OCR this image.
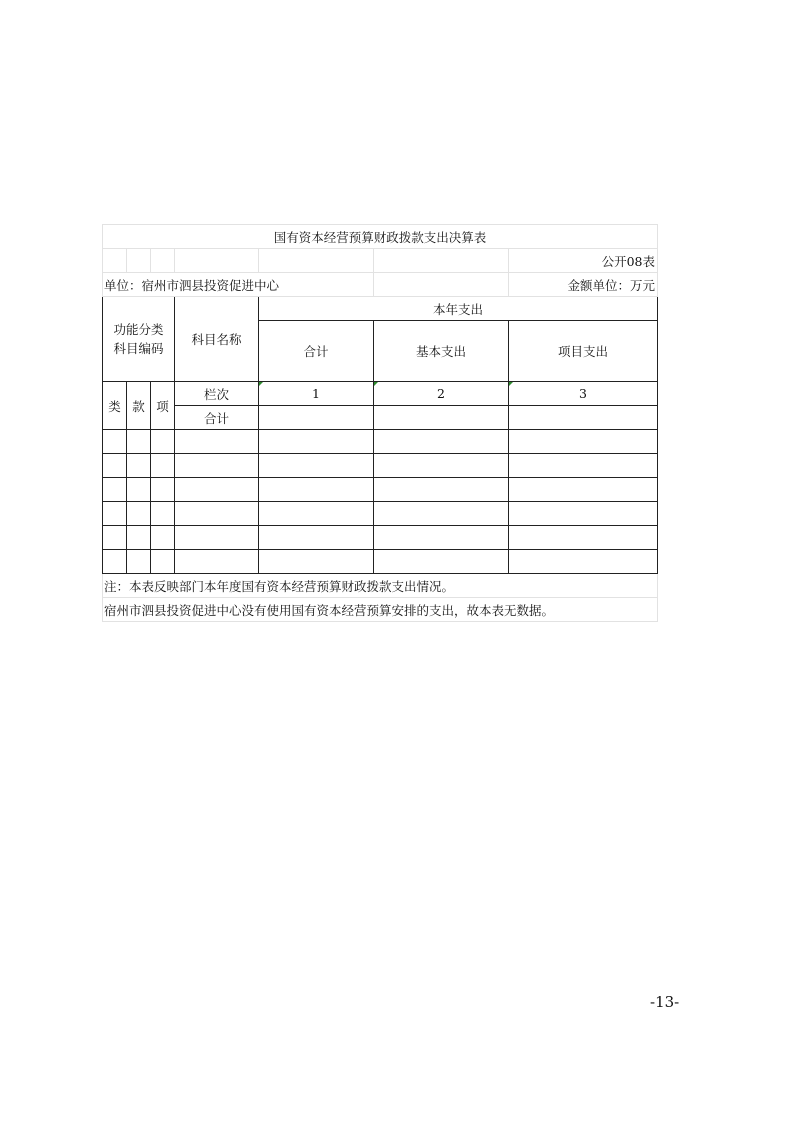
国有资本经营预算财政拨款支出决算表						
						公开08表
单位：宿州市泗县投资促进中心						金额单位：万元

功能分类
科目编码			科目名称	本年支出		

				合计	基本支出	项目支出

类	款	项	栏次	1	2	3
			合计			

注：本表反映部门本年度国有资本经营预算财政拨款支出情况。						
宿州市泗县投资促进中心没有使用国有资本经营预算安排的支出，故本表无数据。						
-13-
